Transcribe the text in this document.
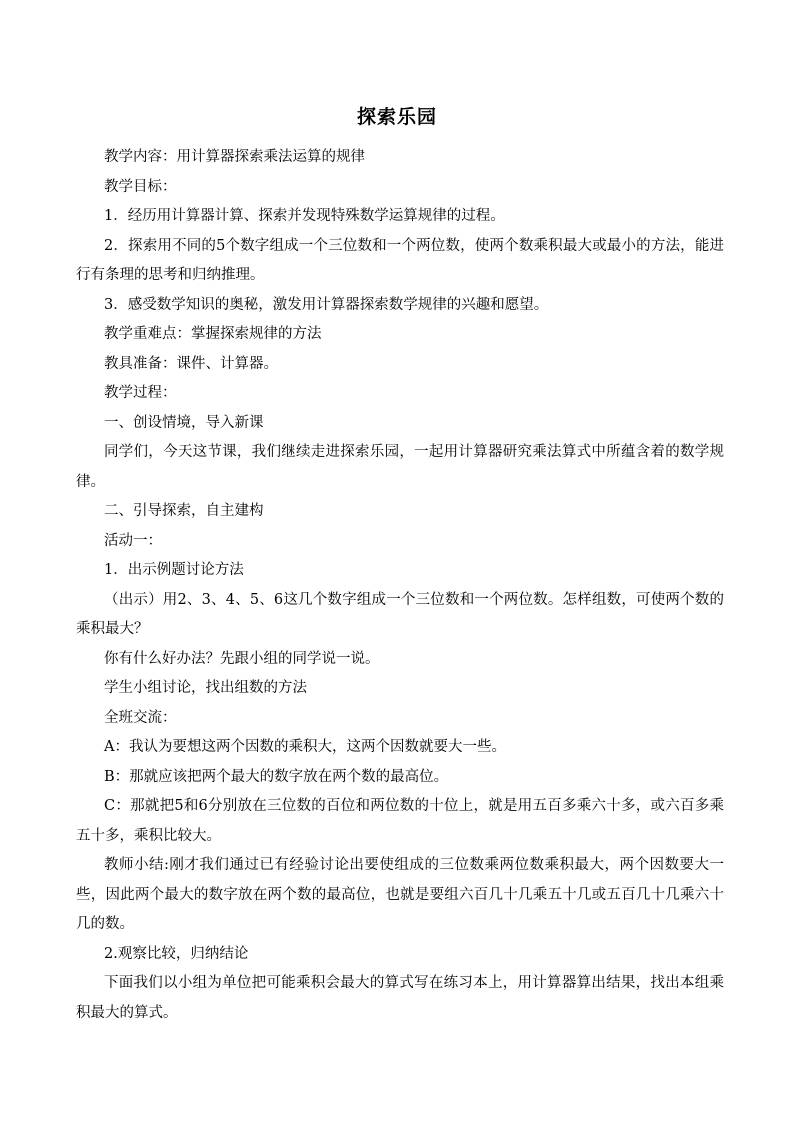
探索乐园

教学内容：用计算器探索乘法运算的规律

教学目标：

1．经历用计算器计算、探索并发现特殊数学运算规律的过程。

2．探索用不同的5个数字组成一个三位数和一个两位数，使两个数乘积最大或最小的方法，能进行有条理的思考和归纳推理。

3．感受数学知识的奥秘，激发用计算器探索数学规律的兴趣和愿望。

教学重难点：掌握探索规律的方法

教具准备：课件、计算器。

教学过程：

一、创设情境，导入新课

同学们，今天这节课，我们继续走进探索乐园，一起用计算器研究乘法算式中所蕴含着的数学规律。

二、引导探索，自主建构

活动一：

1．出示例题讨论方法

（出示）用2、3、4、5、6这几个数字组成一个三位数和一个两位数。怎样组数，可使两个数的乘积最大？

你有什么好办法？先跟小组的同学说一说。

学生小组讨论，找出组数的方法

全班交流：

A：我认为要想这两个因数的乘积大，这两个因数就要大一些。

B：那就应该把两个最大的数字放在两个数的最高位。

C：那就把5和6分别放在三位数的百位和两位数的十位上，就是用五百多乘六十多，或六百多乘五十多，乘积比较大。

教师小结:刚才我们通过已有经验讨论出要使组成的三位数乘两位数乘积最大，两个因数要大一些，因此两个最大的数字放在两个数的最高位，也就是要组六百几十几乘五十几或五百几十几乘六十几的数。

2.观察比较，归纳结论

下面我们以小组为单位把可能乘积会最大的算式写在练习本上，用计算器算出结果，找出本组乘积最大的算式。
